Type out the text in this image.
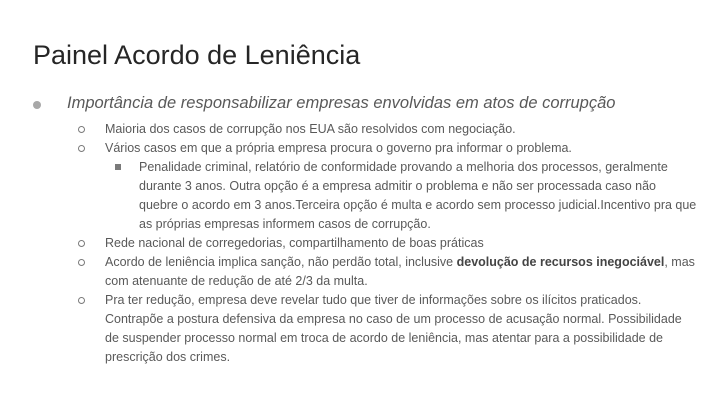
Painel Acordo de Leniência
Importância de responsabilizar empresas envolvidas em atos de corrupção
Maioria dos casos de corrupção nos EUA são resolvidos com negociação.
Vários casos em que a própria empresa procura o governo pra informar o problema.
Penalidade criminal, relatório de conformidade provando a melhoria dos processos, geralmente durante 3 anos. Outra opção é a empresa admitir o problema e não ser processada caso não quebre o acordo em 3 anos.Terceira opção é multa e acordo sem processo judicial.Incentivo pra que as próprias empresas informem casos de corrupção.
Rede nacional de corregedorias, compartilhamento de boas práticas
Acordo de leniência implica sanção, não perdão total, inclusive devolução de recursos inegociável, mas com atenuante de redução de até 2/3 da multa.
Pra ter redução, empresa deve revelar tudo que tiver de informações sobre os ilícitos praticados. Contrapõe a postura defensiva da empresa no caso de um processo de acusação normal. Possibilidade de suspender processo normal em troca de acordo de leniência, mas atentar para a possibilidade de prescrição dos crimes.
